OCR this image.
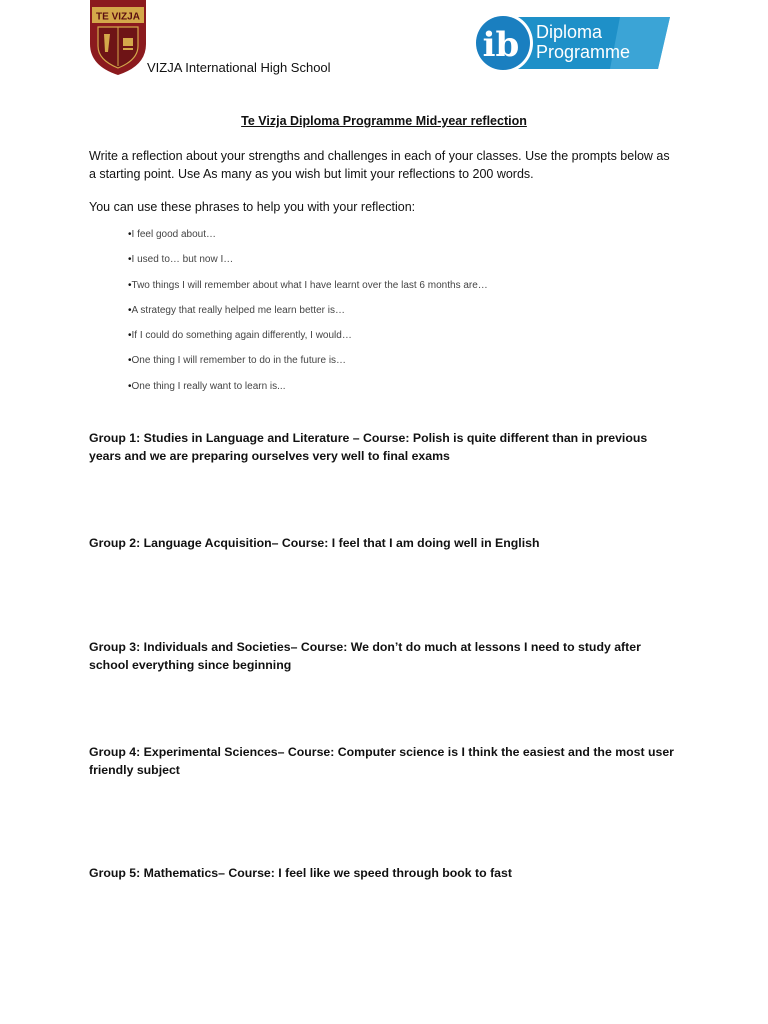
TE VIZJA
VIZJA International High School
ib Diploma
Programme
Te Vizja Diploma Programme Mid-year reflection
Write a reflection about your strengths and challenges in each of your classes. Use the prompts below as a starting point. Use As many as you wish but limit your reflections to 200 words.
You can use these phrases to help you with your reflection:
•I feel good about…
•I used to… but now I…
•Two things I will remember about what I have learnt over the last 6 months are…
•A strategy that really helped me learn better is…
•If I could do something again differently, I would…
•One thing I will remember to do in the future is…
•One thing I really want to learn is...
Group 1: Studies in Language and Literature – Course: Polish is quite different than in previous years and we are preparing ourselves very well to final exams
Group 2: Language Acquisition– Course: I feel that I am doing well in English
Group 3: Individuals and Societies– Course: We don’t do much at lessons I need to study after school everything since beginning
Group 4: Experimental Sciences– Course: Computer science is I think the easiest and the most user friendly subject
Group 5: Mathematics– Course: I feel like we speed through book to fast
